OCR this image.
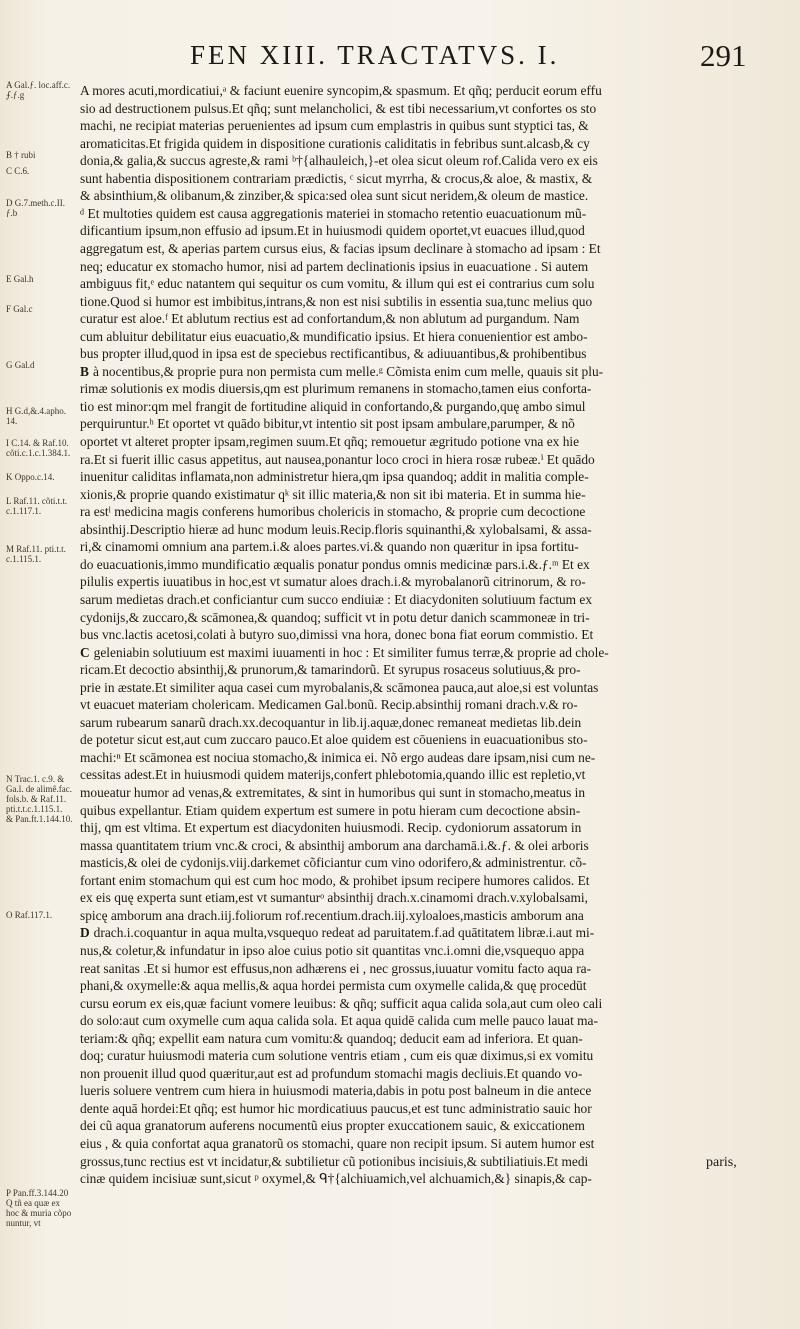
FEN XIII. TRACTATVS. I.	291
A Gal.ƒ. loc.aff.c.
⨍.ƒ.g
B † rubi
C C.6.
D G.7.meth.c.II.
ƒ.b
E Gal.h
F Gal.c
G Gal.d
H G.d,&.4.apho.
14.
I C.14. & Raf.10.
cõti.c.1.c.1.384.1.
K Oppo.c.14.
L Raf.11. cõti.t.t.
c.1.117.1.
M Raf.11. pti.t.t.
c.1.115.1.
N Trac.1. c.9. &
Ga.l. de alimê.fac.
fols.b. & Raf.11.
pti.t.t.c.1.115.1.
& Pan.ft.1.144.10.
O Raf.117.1.
P Pan.ff.3.144.20
Q tñ ea quæ ex
hoc & muria cõpo
nuntur, vt
A mores acuti,mordicatiui,ᵃ & faciunt euenire syncopim,& spasmum. Et qñq; perducit eorum effu
sio ad destructionem pulsus.Et qñq; sunt melancholici, & est tibi necessarium,vt confortes os sto
machi, ne recipiat materias peruenientes ad ipsum cum emplastris in quibus sunt styptici tas, &
aromaticitas.Et frigida quidem in dispositione curationis caliditatis in febribus sunt.alcasb,& cy
donia,& galia,& succus agreste,& rami ᵇ†{alhauleich,}-et olea sicut oleum rof.Calida vero ex eis
sunt habentia dispositionem contrariam prædictis, ᶜ sicut myrrha, & crocus,& aloe, & mastix, &
& absinthium,& olibanum,& zinziber,& spica:sed olea sunt sicut neridem,& oleum de mastice.
ᵈ Et multoties quidem est causa aggregationis materiei in stomacho retentio euacuationum mũ-
dificantium ipsum,non effusio ad ipsum.Et in huiusmodi quidem oportet,vt euacues illud,quod
aggregatum est, & aperias partem cursus eius, & facias ipsum declinare à stomacho ad ipsam : Et
neq; educatur ex stomacho humor, nisi ad partem declinationis ipsius in euacuatione . Si autem
ambiguus fit,ᵉ educ natantem qui sequitur os cum vomitu, & illum qui est ei contrarius cum solu
tione.Quod si humor est imbibitus,intrans,& non est nisi subtilis in essentia sua,tunc melius quo
curatur est aloe.ᶠ Et ablutum rectius est ad confortandum,& non ablutum ad purgandum. Nam
cum abluitur debilitatur eius euacuatio,& mundificatio ipsius. Et hiera conuenientior est ambo-
bus propter illud,quod in ipsa est de speciebus rectificantibus, & adiuuantibus,& prohibentibus
B à nocentibus,& proprie pura non permista cum melle.ᵍ Cõmista enim cum melle, quauis sit plu-
rimæ solutionis ex modis diuersis,qm est plurimum remanens in stomacho,tamen eius conforta-
tio est minor:qm mel frangit de fortitudine aliquid in confortando,& purgando,quę ambo simul
perquiruntur.ʰ Et oportet vt quādo bibitur,vt intentio sit post ipsam ambulare,parumper, & nõ
oportet vt alteret propter ipsam,regimen suum.Et qñq; remouetur ægritudo potione vna ex hie
ra.Et si fuerit illic casus appetitus, aut nausea,ponantur loco croci in hiera rosæ rubeæ.ⁱ Et quādo
inuenitur caliditas inflamata,non administretur hiera,qm ipsa quandoq; addit in malitia comple-
xionis,& proprie quando existimatur qᵏ sit illic materia,& non sit ibi materia. Et in summa hie-
ra estˡ medicina magis conferens humoribus cholericis in stomacho, & proprie cum decoctione
absinthij.Descriptio hieræ ad hunc modum leuis.Recip.floris squinanthi,& xylobalsami, & assa-
ri,& cinamomi omnium ana partem.i.& aloes partes.vi.& quando non quæritur in ipsa fortitu-
do euacuationis,immo mundificatio æqualis ponatur pondus omnis medicinæ pars.i.&.ƒ.ᵐ Et ex
pilulis expertis iuuatibus in hoc,est vt sumatur aloes drach.i.& myrobalanorũ citrinorum, & ro-
sarum medietas drach.et conficiantur cum succo endiuiæ : Et diacydoniten solutiuum factum ex
cydonijs,& zuccaro,& scāmonea,& quandoq; sufficit vt in potu detur danich scammoneæ in tri-
bus vnc.lactis acetosi,colati à butyro suo,dimissi vna hora, donec bona fiat eorum commistio. Et
C geleniabin solutiuum est maximi iuuamenti in hoc : Et similiter fumus terræ,& proprie ad chole-
ricam.Et decoctio absinthij,& prunorum,& tamarindorũ. Et syrupus rosaceus solutiuus,& pro-
prie in æstate.Et similiter aqua casei cum myrobalanis,& scāmonea pauca,aut aloe,si est voluntas
vt euacuet materiam cholericam. Medicamen Gal.bonũ. Recip.absinthij romani drach.v.& ro-
sarum rubearum sanarũ drach.xx.decoquantur in lib.ij.aquæ,donec remaneat medietas lib.dein
de potetur sicut est,aut cum zuccaro pauco.Et aloe quidem est cōueniens in euacuationibus sto-
machi:ⁿ Et scāmonea est nociua stomacho,& inimica ei. Nõ ergo audeas dare ipsam,nisi cum ne-
cessitas adest.Et in huiusmodi quidem materijs,confert phlebotomia,quando illic est repletio,vt
moueatur humor ad venas,& extremitates, & sint in humoribus qui sunt in stomacho,meatus in
quibus expellantur. Etiam quidem expertum est sumere in potu hieram cum decoctione absin-
thij, qm est vltima. Et expertum est diacydoniten huiusmodi. Recip. cydoniorum assatorum in
massa quantitatem trium vnc.& croci, & absinthij amborum ana darchamā.i.&.ƒ. & olei arboris
masticis,& olei de cydonijs.viij.darkemet cõficiantur cum vino odorifero,& administrentur. cõ-
fortant enim stomachum qui est cum hoc modo, & prohibet ipsum recipere humores calidos. Et
ex eis quę experta sunt etiam,est vt sumanturᵒ absinthij drach.x.cinamomi drach.v.xylobalsami,
spicę amborum ana drach.iij.foliorum rof.recentium.drach.iij.xyloaloes,masticis amborum ana
D drach.i.coquantur in aqua multa,vsquequo redeat ad paruitatem.f.ad quātitatem libræ.i.aut mi-
nus,& coletur,& infundatur in ipso aloe cuius potio sit quantitas vnc.i.omni die,vsquequo appa
reat sanitas .Et si humor est effusus,non adhærens ei , nec grossus,iuuatur vomitu facto aqua ra-
phani,& oxymelle:& aqua mellis,& aqua hordei permista cum oxymelle calida,& quę procedūt
cursu eorum ex eis,quæ faciunt vomere leuibus: & qñq; sufficit aqua calida sola,aut cum oleo cali
do solo:aut cum oxymelle cum aqua calida sola. Et aqua quidē calida cum melle pauco lauat ma-
teriam:& qñq; expellit eam natura cum vomitu:& quandoq; deducit eam ad inferiora. Et quan-
doq; curatur huiusmodi materia cum solutione ventris etiam , cum eis quæ diximus,si ex vomitu
non prouenit illud quod quæritur,aut est ad profundum stomachi magis decliuis.Et quando vo-
lueris soluere ventrem cum hiera in huiusmodi materia,dabis in potu post balneum in die antece
dente aquā hordei:Et qñq; est humor hic mordicatiuus paucus,et est tunc administratio sauic hor
dei cũ aqua granatorum auferens nocumentũ eius propter exuccationem sauic, & exiccationem
eius , & quia confortat aqua granatorũ os stomachi, quare non recipit ipsum. Si autem humor est
grossus,tunc rectius est vt incidatur,& subtilietur cũ potionibus incisiuis,& subtiliatiuis.Et medi
cinæ quidem incisiuæ sunt,sicut ᵖ oxymel,& ᑫ†{alchiuamich,vel alchuamich,&} sinapis,& cap-
paris,
